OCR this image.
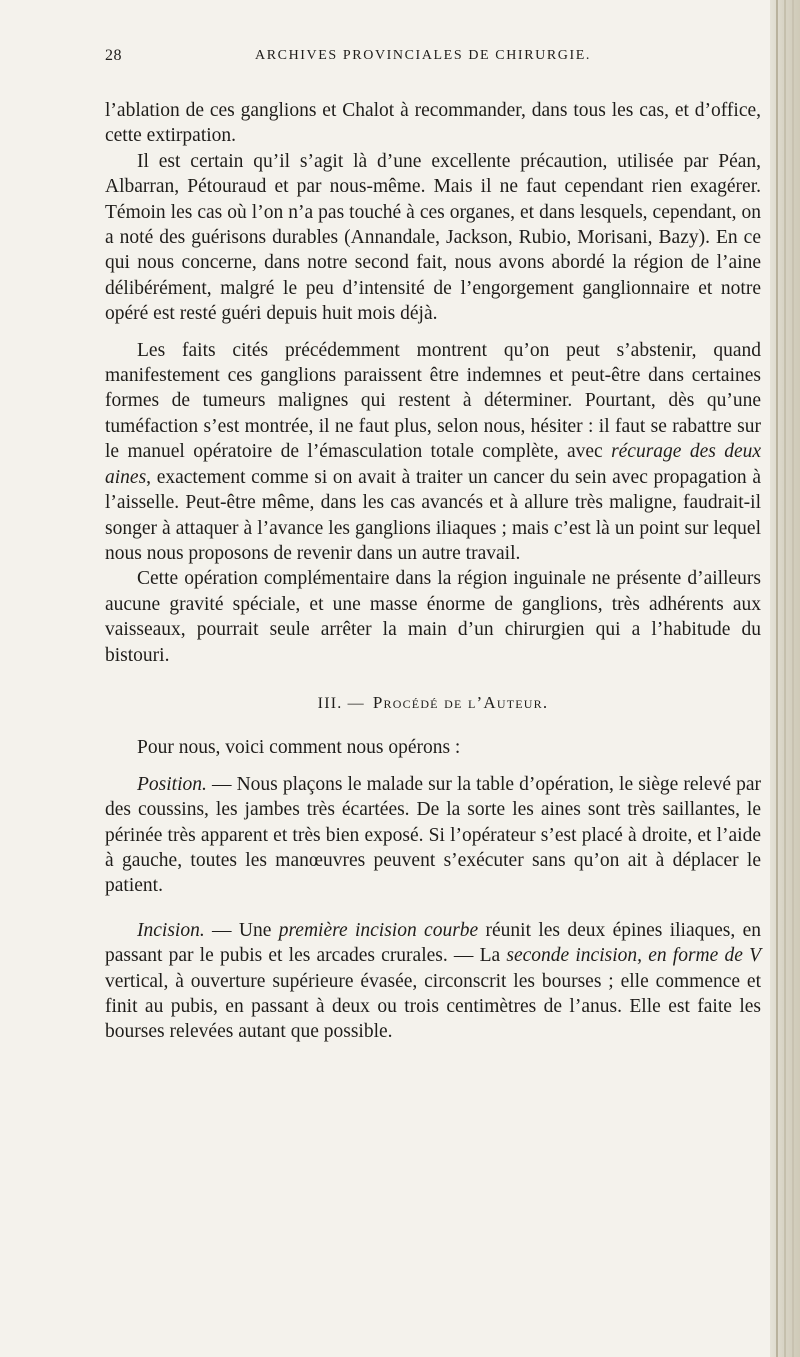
28	ARCHIVES PROVINCIALES DE CHIRURGIE.

l’ablation de ces ganglions et Chalot à recommander, dans tous les cas, et d’office, cette extirpation.

Il est certain qu’il s’agit là d’une excellente précaution, utilisée par Péan, Albarran, Pétouraud et par nous-même. Mais il ne faut cependant rien exagérer. Témoin les cas où l’on n’a pas touché à ces organes, et dans lesquels, cependant, on a noté des guérisons durables (Annandale, Jackson, Rubio, Morisani, Bazy). En ce qui nous concerne, dans notre second fait, nous avons abordé la région de l’aine délibérément, malgré le peu d’intensité de l’engorgement ganglionnaire et notre opéré est resté guéri depuis huit mois déjà.

Les faits cités précédemment montrent qu’on peut s’abstenir, quand manifestement ces ganglions paraissent être indemnes et peut-être dans certaines formes de tumeurs malignes qui restent à déterminer. Pourtant, dès qu’une tuméfaction s’est montrée, il ne faut plus, selon nous, hésiter : il faut se rabattre sur le manuel opératoire de l’émasculation totale complète, avec récurage des deux aines, exactement comme si on avait à traiter un cancer du sein avec propagation à l’aisselle. Peut-être même, dans les cas avancés et à allure très maligne, faudrait-il songer à attaquer à l’avance les ganglions iliaques ; mais c’est là un point sur lequel nous nous proposons de revenir dans un autre travail.

Cette opération complémentaire dans la région inguinale ne présente d’ailleurs aucune gravité spéciale, et une masse énorme de ganglions, très adhérents aux vaisseaux, pourrait seule arrêter la main d’un chirurgien qui a l’habitude du bistouri.

III. — Procédé de l’Auteur.

Pour nous, voici comment nous opérons :

Position. — Nous plaçons le malade sur la table d’opération, le siège relevé par des coussins, les jambes très écartées. De la sorte les aines sont très saillantes, le périnée très apparent et très bien exposé. Si l’opérateur s’est placé à droite, et l’aide à gauche, toutes les manœuvres peuvent s’exécuter sans qu’on ait à déplacer le patient.

Incision. — Une première incision courbe réunit les deux épines iliaques, en passant par le pubis et les arcades crurales. — La seconde incision, en forme de V vertical, à ouverture supérieure évasée, circonscrit les bourses ; elle commence et finit au pubis, en passant à deux ou trois centimètres de l’anus. Elle est faite les bourses relevées autant que possible.
